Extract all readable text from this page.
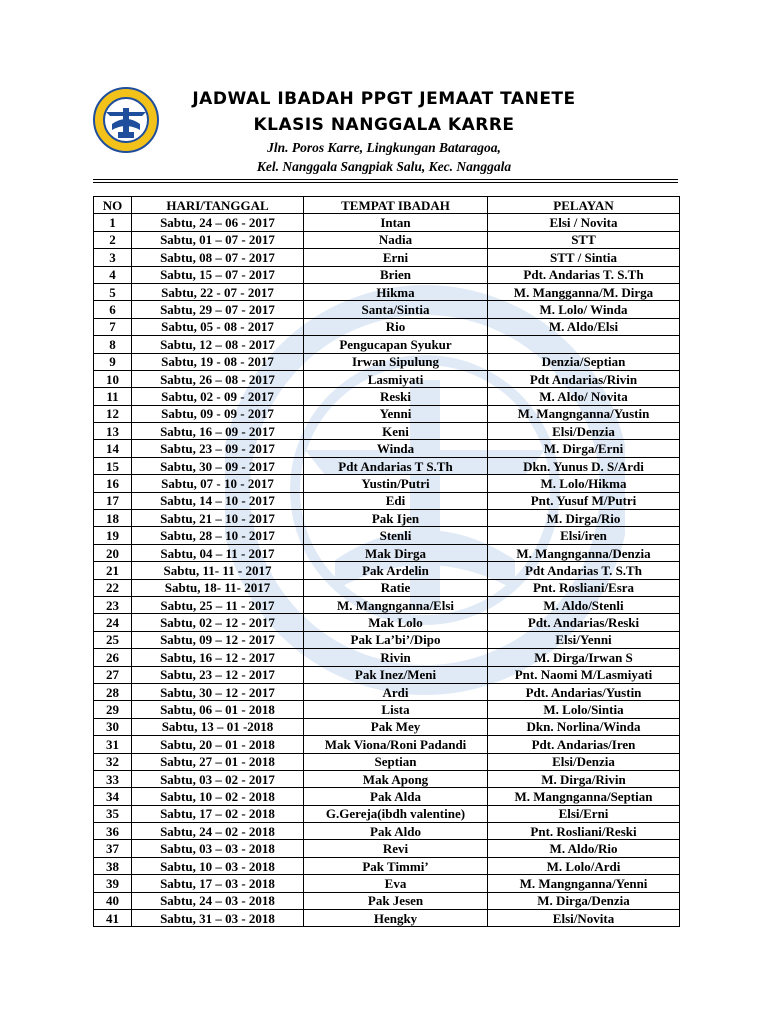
JADWAL IBADAH PPGT JEMAAT TANETE
KLASIS NANGGALA KARRE
Jln. Poros Karre, Lingkungan Bataragoa,
Kel. Nanggala Sangpiak Salu, Kec. Nanggala
NO	HARI/TANGGAL	TEMPAT IBADAH	PELAYAN
1	Sabtu, 24 – 06 - 2017	Intan	Elsi / Novita
2	Sabtu, 01 – 07 - 2017	Nadia	STT
3	Sabtu, 08 – 07 - 2017	Erni	STT / Sintia
4	Sabtu, 15 – 07 - 2017	Brien	Pdt. Andarias T. S.Th
5	Sabtu, 22 - 07 - 2017	Hikma	M. Mangganna/M. Dirga
6	Sabtu, 29 – 07 - 2017	Santa/Sintia	M. Lolo/ Winda
7	Sabtu, 05 - 08 - 2017	Rio	M. Aldo/Elsi
8	Sabtu, 12 – 08 - 2017	Pengucapan Syukur	
9	Sabtu, 19 - 08 - 2017	Irwan Sipulung	Denzia/Septian
10	Sabtu, 26 – 08 - 2017	Lasmiyati	Pdt Andarias/Rivin
11	Sabtu, 02 - 09 - 2017	Reski	M. Aldo/ Novita
12	Sabtu, 09 - 09 - 2017	Yenni	M. Mangnganna/Yustin
13	Sabtu, 16 – 09 - 2017	Keni	Elsi/Denzia
14	Sabtu, 23 – 09 - 2017	Winda	M. Dirga/Erni
15	Sabtu, 30 – 09 - 2017	Pdt Andarias T S.Th	Dkn. Yunus D. S/Ardi
16	Sabtu, 07 - 10 - 2017	Yustin/Putri	M. Lolo/Hikma
17	Sabtu, 14 – 10 - 2017	Edi	Pnt. Yusuf M/Putri
18	Sabtu, 21 – 10 - 2017	Pak Ijen	M. Dirga/Rio
19	Sabtu, 28 – 10 - 2017	Stenli	Elsi/iren
20	Sabtu, 04 – 11 - 2017	Mak Dirga	M. Mangnganna/Denzia
21	Sabtu, 11- 11 - 2017	Pak Ardelin	Pdt Andarias T. S.Th
22	Sabtu, 18- 11- 2017	Ratie	Pnt. Rosliani/Esra
23	Sabtu, 25 – 11 - 2017	M. Mangnganna/Elsi	M. Aldo/Stenli
24	Sabtu, 02 – 12 - 2017	Mak Lolo	Pdt. Andarias/Reski
25	Sabtu, 09 – 12 - 2017	Pak La’bi’/Dipo	Elsi/Yenni
26	Sabtu, 16 – 12 - 2017	Rivin	M. Dirga/Irwan S
27	Sabtu, 23 – 12 - 2017	Pak Inez/Meni	Pnt. Naomi M/Lasmiyati
28	Sabtu, 30 – 12 - 2017	Ardi	Pdt. Andarias/Yustin
29	Sabtu, 06 – 01 - 2018	Lista	M. Lolo/Sintia
30	Sabtu, 13 – 01 -2018	Pak Mey	Dkn. Norlina/Winda
31	Sabtu, 20 – 01 - 2018	Mak Viona/Roni Padandi	Pdt. Andarias/Iren
32	Sabtu, 27 – 01 - 2018	Septian	Elsi/Denzia
33	Sabtu, 03 – 02 - 2017	Mak Apong	M. Dirga/Rivin
34	Sabtu, 10 – 02 - 2018	Pak Alda	M. Mangnganna/Septian
35	Sabtu, 17 – 02 - 2018	G.Gereja(ibdh valentine)	Elsi/Erni
36	Sabtu, 24 – 02 - 2018	Pak Aldo	Pnt. Rosliani/Reski
37	Sabtu, 03 – 03 - 2018	Revi	M. Aldo/Rio
38	Sabtu, 10 – 03 - 2018	Pak Timmi’	M. Lolo/Ardi
39	Sabtu, 17 – 03 - 2018	Eva	M. Mangnganna/Yenni
40	Sabtu, 24 – 03 - 2018	Pak Jesen	M. Dirga/Denzia
41	Sabtu, 31 – 03 - 2018	Hengky	Elsi/Novita
